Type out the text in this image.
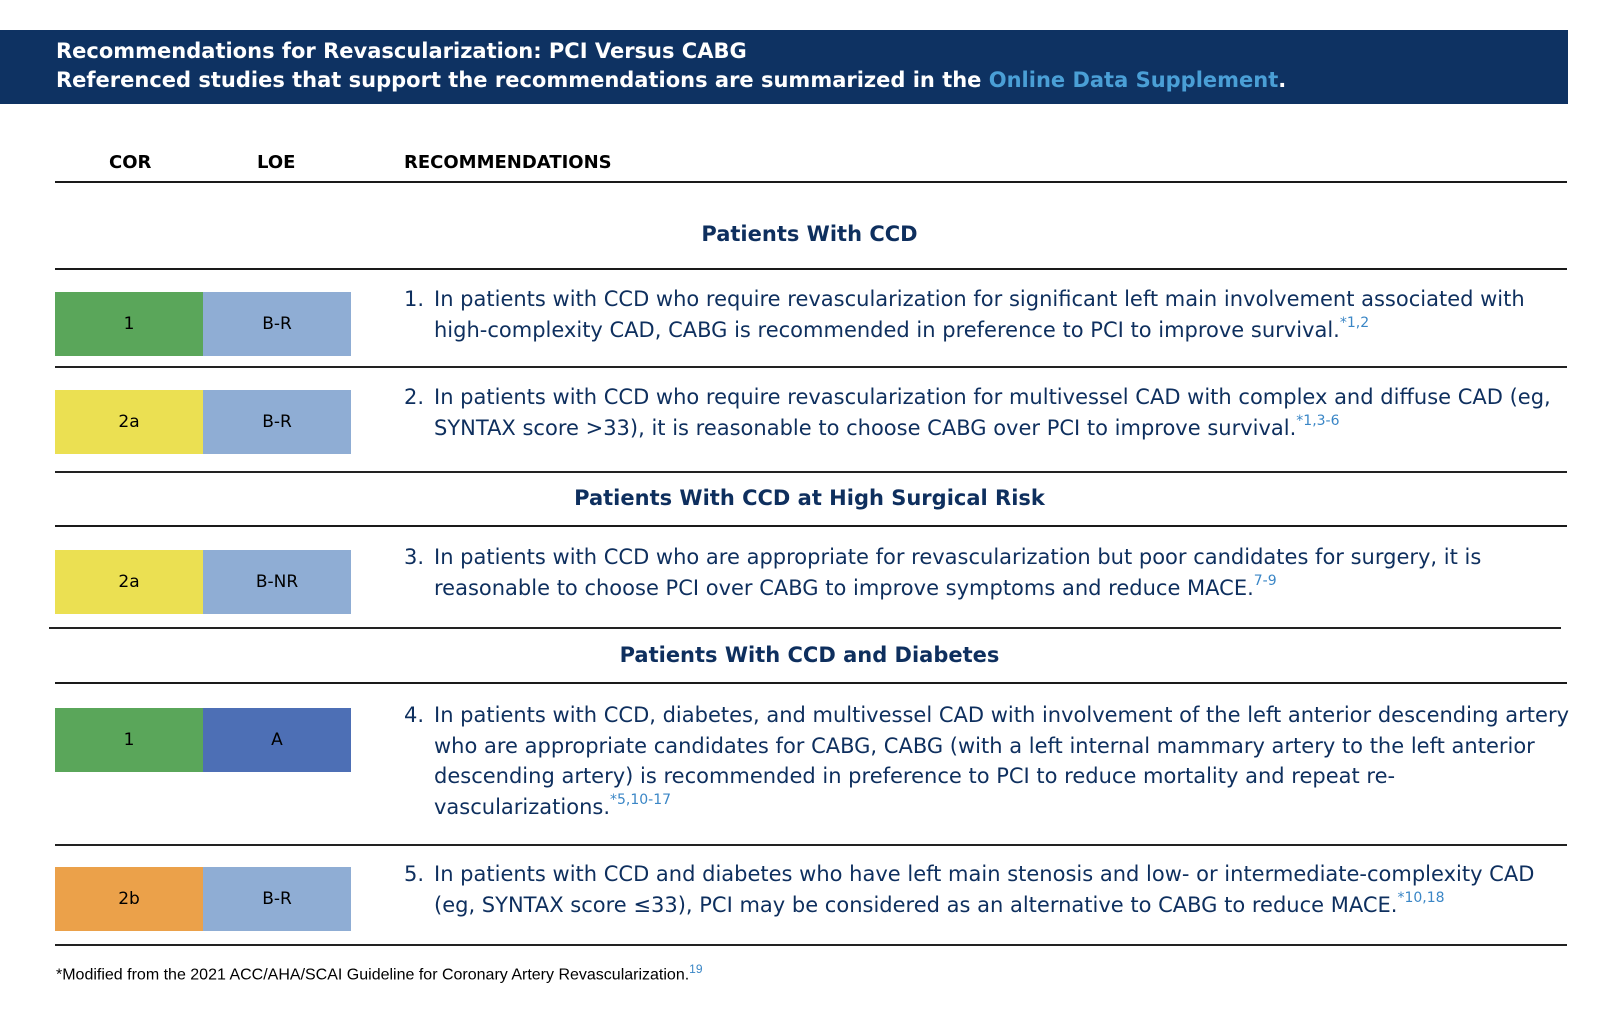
Recommendations for Revascularization: PCI Versus CABG
Referenced studies that support the recommendations are summarized in the Online Data Supplement.
COR	LOE	RECOMMENDATIONS
Patients With CCD
1	B-R
1. In patients with CCD who require revascularization for significant left main involvement associated with high-complexity CAD, CABG is recommended in preference to PCI to improve survival.$^{*1,2}$
2a	B-R
2. In patients with CCD who require revascularization for multivessel CAD with complex and diffuse CAD (eg, SYNTAX score >33), it is reasonable to choose CABG over PCI to improve survival.$^{*1,3-6}$
Patients With CCD at High Surgical Risk
2a	B-NR
3. In patients with CCD who are appropriate for revascularization but poor candidates for surgery, it is reasonable to choose PCI over CABG to improve symptoms and reduce MACE.$^{7-9}$
Patients With CCD and Diabetes
1	A
4. In patients with CCD, diabetes, and multivessel CAD with involvement of the left anterior descending artery who are appropriate candidates for CABG, CABG (with a left internal mammary artery to the left anterior descending artery) is recommended in preference to PCI to reduce mortality and repeat re-vascularizations.$^{*5,10-17}$
2b	B-R
5. In patients with CCD and diabetes who have left main stenosis and low- or intermediate-complexity CAD (eg, SYNTAX score ≤33), PCI may be considered as an alternative to CABG to reduce MACE.$^{*10,18}$
*Modified from the 2021 ACC/AHA/SCAI Guideline for Coronary Artery Revascularization.$^{19}$
